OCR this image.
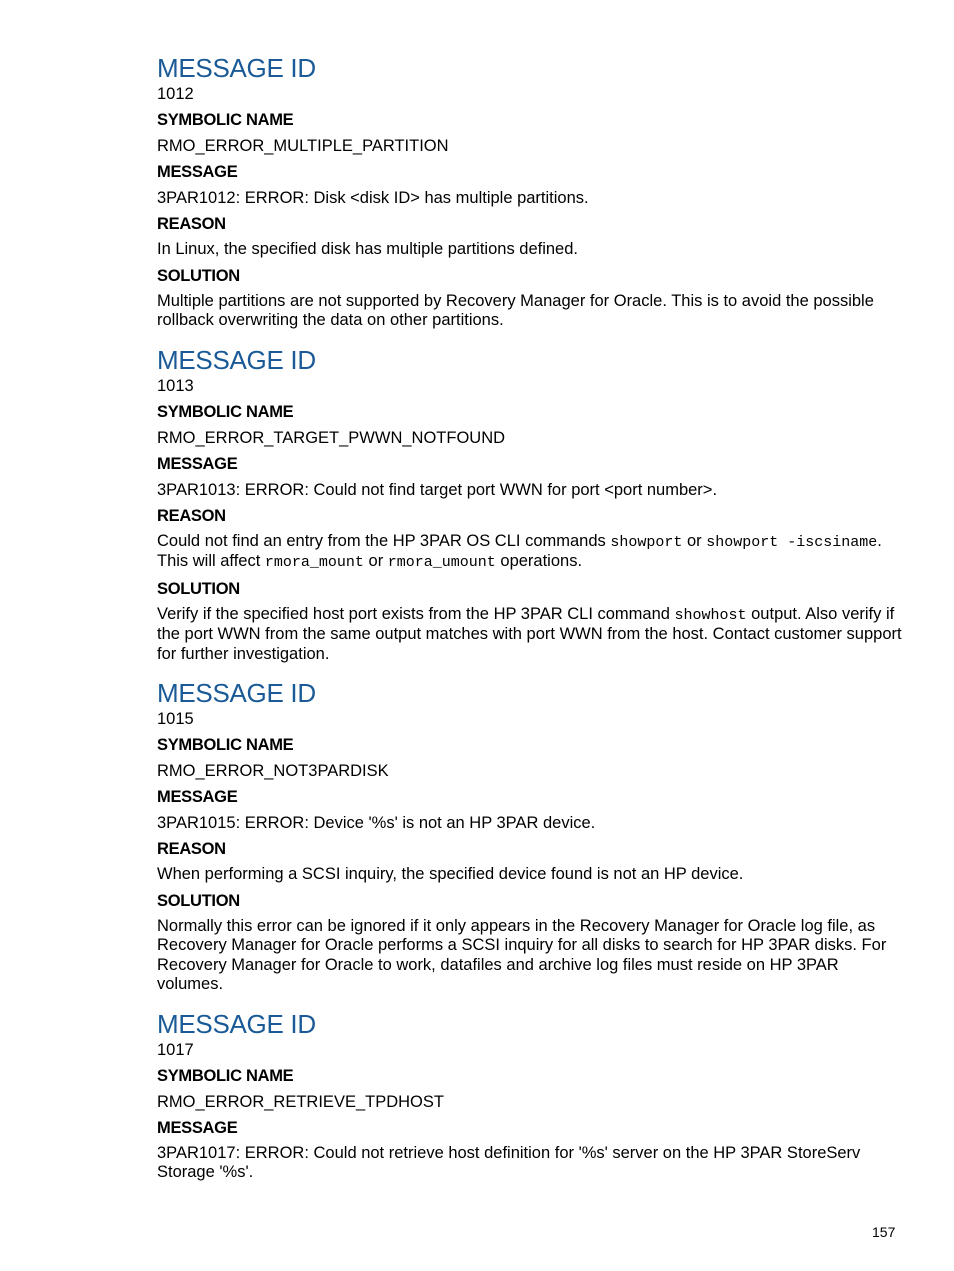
MESSAGE ID

1012

SYMBOLIC NAME

RMO_ERROR_MULTIPLE_PARTITION

MESSAGE

3PAR1012: ERROR: Disk <disk ID> has multiple partitions.

REASON

In Linux, the specified disk has multiple partitions defined.

SOLUTION

Multiple partitions are not supported by Recovery Manager for Oracle. This is to avoid the possible rollback overwriting the data on other partitions.

MESSAGE ID

1013

SYMBOLIC NAME

RMO_ERROR_TARGET_PWWN_NOTFOUND

MESSAGE

3PAR1013: ERROR: Could not find target port WWN for port <port number>.

REASON

Could not find an entry from the HP 3PAR OS CLI commands showport or showport -iscsiname. This will affect rmora_mount or rmora_umount operations.

SOLUTION

Verify if the specified host port exists from the HP 3PAR CLI command showhost output. Also verify if the port WWN from the same output matches with port WWN from the host. Contact customer support for further investigation.

MESSAGE ID

1015

SYMBOLIC NAME

RMO_ERROR_NOT3PARDISK

MESSAGE

3PAR1015: ERROR: Device '%s' is not an HP 3PAR device.

REASON

When performing a SCSI inquiry, the specified device found is not an HP device.

SOLUTION

Normally this error can be ignored if it only appears in the Recovery Manager for Oracle log file, as Recovery Manager for Oracle performs a SCSI inquiry for all disks to search for HP 3PAR disks. For Recovery Manager for Oracle to work, datafiles and archive log files must reside on HP 3PAR volumes.

MESSAGE ID

1017

SYMBOLIC NAME

RMO_ERROR_RETRIEVE_TPDHOST

MESSAGE

3PAR1017: ERROR: Could not retrieve host definition for '%s' server on the HP 3PAR StoreServ Storage '%s'.

157
